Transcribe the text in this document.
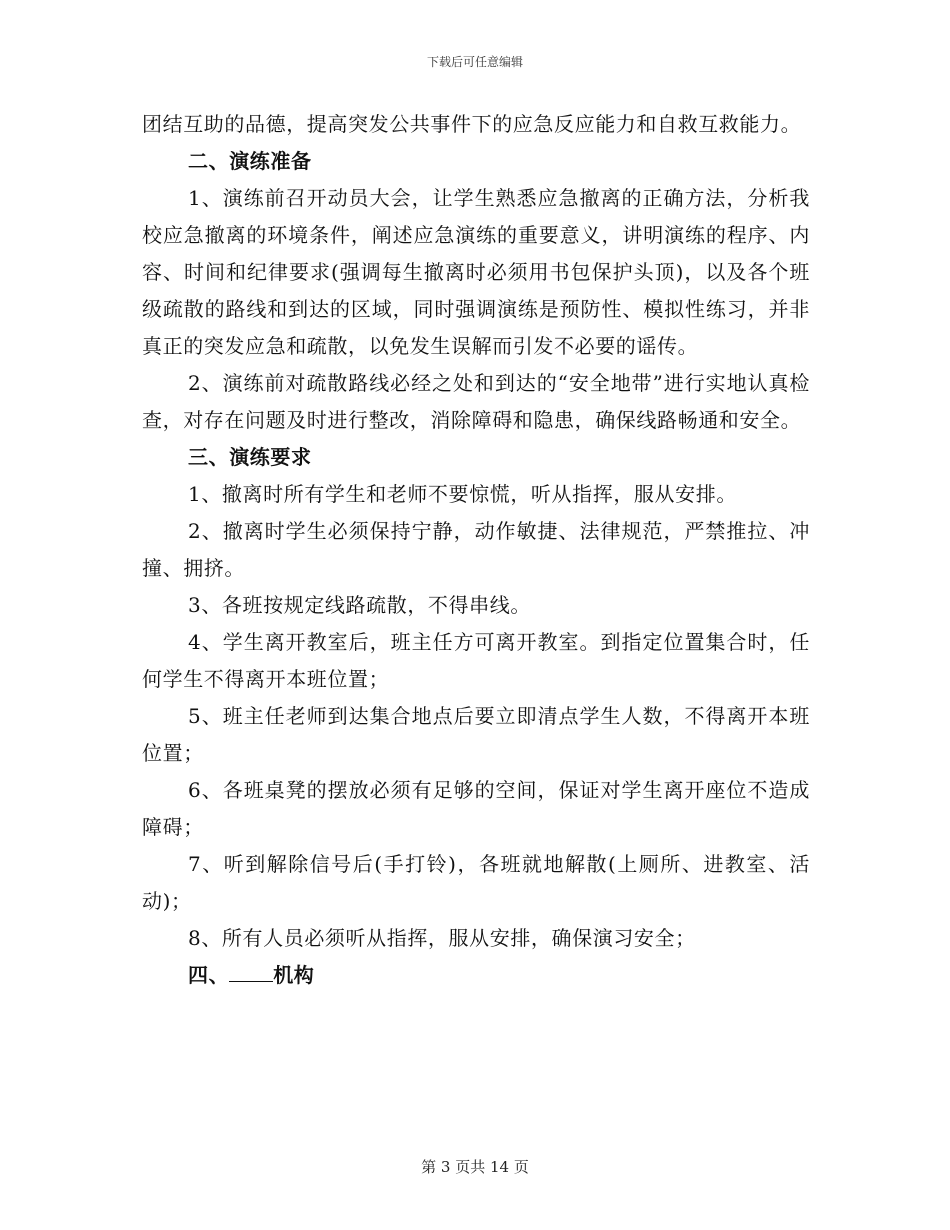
下载后可任意编辑

团结互助的品德，提高突发公共事件下的应急反应能力和自救互救能力。

二、演练准备

1、演练前召开动员大会，让学生熟悉应急撤离的正确方法，分析我校应急撤离的环境条件，阐述应急演练的重要意义，讲明演练的程序、内容、时间和纪律要求(强调每生撤离时必须用书包保护头顶)，以及各个班级疏散的路线和到达的区域，同时强调演练是预防性、模拟性练习，并非真正的突发应急和疏散，以免发生误解而引发不必要的谣传。

2、演练前对疏散路线必经之处和到达的“安全地带”进行实地认真检查，对存在问题及时进行整改，消除障碍和隐患，确保线路畅通和安全。

三、演练要求

1、撤离时所有学生和老师不要惊慌，听从指挥，服从安排。

2、撤离时学生必须保持宁静，动作敏捷、法律规范，严禁推拉、冲撞、拥挤。

3、各班按规定线路疏散，不得串线。

4、学生离开教室后，班主任方可离开教室。到指定位置集合时，任何学生不得离开本班位置；

5、班主任老师到达集合地点后要立即清点学生人数，不得离开本班位置；

6、各班桌凳的摆放必须有足够的空间，保证对学生离开座位不造成障碍；

7、听到解除信号后(手打铃)，各班就地解散(上厕所、进教室、活动)；

8、所有人员必须听从指挥，服从安排，确保演习安全；

四、 机构

第 3 页共 14 页
